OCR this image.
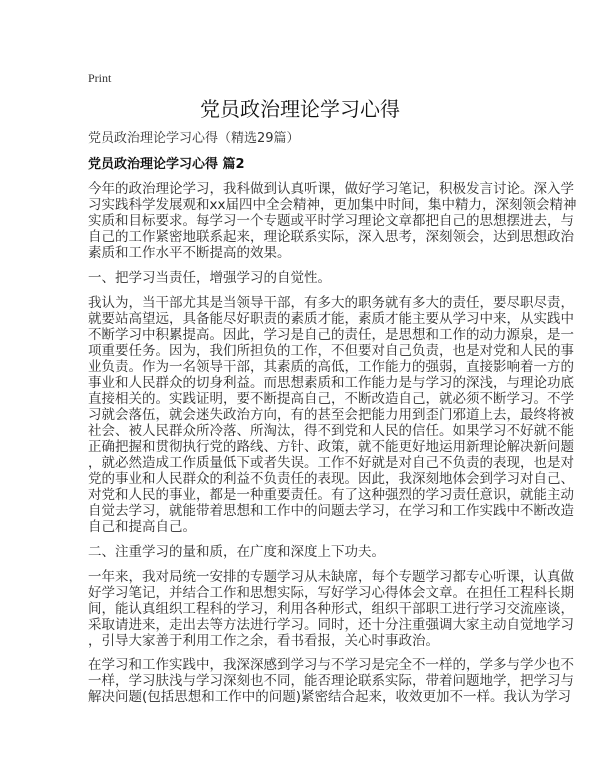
Print
党员政治理论学习心得
党员政治理论学习心得（精选29篇）
党员政治理论学习心得 篇2
今年的政治理论学习，我科做到认真听课，做好学习笔记，积极发言讨论。深入学
习实践科学发展观和xx届四中全会精神，更加集中时间，集中精力，深刻领会精神
实质和目标要求。每学习一个专题或平时学习理论文章都把自己的思想摆进去，与
自己的工作紧密地联系起来，理论联系实际，深入思考，深刻领会，达到思想政治
素质和工作水平不断提高的效果。
一、把学习当责任，增强学习的自觉性。
我认为，当干部尤其是当领导干部，有多大的职务就有多大的责任，要尽职尽责，
就要站高望远，具备能尽好职责的素质才能，素质才能主要从学习中来，从实践中
不断学习中积累提高。因此，学习是自己的责任，是思想和工作的动力源泉，是一
项重要任务。因为，我们所担负的工作，不但要对自己负责，也是对党和人民的事
业负责。作为一名领导干部，其素质的高低，工作能力的强弱，直接影响着一方的
事业和人民群众的切身利益。而思想素质和工作能力是与学习的深浅，与理论功底
直接相关的。实践证明，要不断提高自己，不断改造自己，就必须不断学习。不学
习就会落伍，就会迷失政治方向，有的甚至会把能力用到歪门邪道上去，最终将被
社会、被人民群众所冷落、所淘汰，得不到党和人民的信任。如果学习不好就不能
正确把握和贯彻执行党的路线、方针、政策，就不能更好地运用新理论解决新问题
，就必然造成工作质量低下或者失误。工作不好就是对自己不负责的表现，也是对
党的事业和人民群众的利益不负责任的表现。因此，我深刻地体会到学习对自己、
对党和人民的事业，都是一种重要责任。有了这种强烈的学习责任意识，就能主动
自觉去学习，就能带着思想和工作中的问题去学习，在学习和工作实践中不断改造
自己和提高自己。
二、注重学习的量和质，在广度和深度上下功夫。
一年来，我对局统一安排的专题学习从未缺席，每个专题学习都专心听课，认真做
好学习笔记，并结合工作和思想实际，写好学习心得体会文章。在担任工程科长期
间，能认真组织工程科的学习，利用各种形式，组织干部职工进行学习交流座谈，
采取请进来，走出去等方法进行学习。同时，还十分注重强调大家主动自觉地学习
，引导大家善于利用工作之余，看书看报，关心时事政治。
在学习和工作实践中，我深深感到学习与不学习是完全不一样的，学多与学少也不
一样，学习肤浅与学习深刻也不同，能否理论联系实际，带着问题地学，把学习与
解决问题(包括思想和工作中的问题)紧密结合起来，收效更加不一样。我认为学习
